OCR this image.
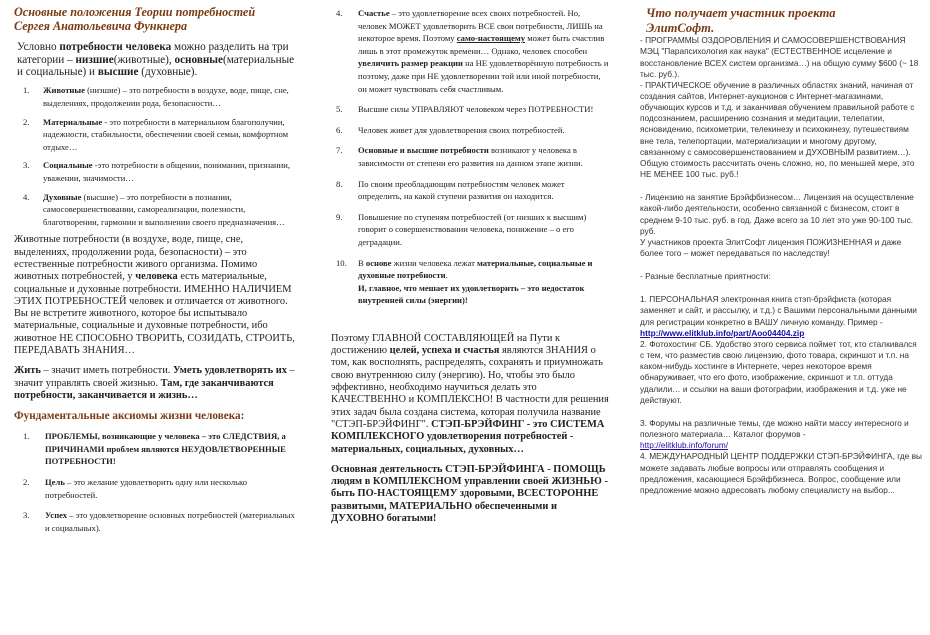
Основные положения Теории потребностей Сергея Анатольевича Функнера

Условно потребности человека можно разделить на три категории – низшие(животные), основные(материальные и социальные) и высшие (духовные).

1.	Животные (низшие) – это потребности в воздухе, воде, пище, сне, выделениях, продолжении рода, безопасности…
2.	Материальные - это потребности в материальном благополучии, надежности, стабильности, обеспечении своей семьи, комфортном отдыхе…
3.	Социальные -это потребности в общении, понимании, признании, уважении, значимости…
4.	Духовные (высшие) – это потребности в познании, самосовершенствовании, самореализации, полезности, благотворении, гармонии и выполнении своего предназначения…

Животные потребности (в воздухе, воде, пище, сне, выделениях, продолжении рода, безопасности) – это естественные потребности живого организма. Помимо животных потребностей, у человека есть материальные, социальные и духовные потребности. ИМЕННО НАЛИЧИЕМ ЭТИХ ПОТРЕБНОСТЕЙ человек и отличается от животного. Вы не встретите животного, которое бы испытывало материальные, социальные и духовные потребности, ибо животное НЕ СПОСОБНО ТВОРИТЬ, СОЗИДАТЬ, СТРОИТЬ, ПЕРЕДАВАТЬ ЗНАНИЯ…

Жить – значит иметь потребности. Уметь удовлетворять их – значит управлять своей жизнью. Там, где заканчиваются потребности, заканчивается и жизнь…

Фундаментальные аксиомы жизни человека:
1.	ПРОБЛЕМЫ, возникающие у человека – это СЛЕДСТВИЯ, а ПРИЧИНАМИ проблем являются НЕУДОВЛЕТВОРЕННЫЕ ПОТРЕБНОСТИ!
2.	Цель – это желание удовлетворить одну или несколько потребностей.
3.	Успех – это удовлетворение основных потребностей (материальных и социальных).
4.	Счастье – это удовлетворение всех своих потребностей. Но, человек МОЖЕТ удовлетворить ВСЕ свои потребности, ЛИШЬ на некоторое время. Поэтому само-настоящему может быть счастлив лишь в этот промежуток времени… Однако, человек способен увеличить размер реакции на НЕ удовлетворённую потребность и поэтому, даже при НЕ удовлетворении той или иной потребности, он может чувствовать себя счастливым.
5.	Высшие силы УПРАВЛЯЮТ человеком через ПОТРЕБНОСТИ!
6.	Человек живет для удовлетворения своих потребностей.
7.	Основные и высшие потребности возникают у человека в зависимости от степени его развития на данном этапе жизни.
8.	По своим преобладающим потребностям человек может определить, на какой ступени развития он находится.
9.	Повышение по ступеням потребностей (от низших к высшим) говорит о совершенствовании человека, понижение – о его деградации.
10.	В основе жизни человека лежат материальные, социальные и духовные потребности.
И, главное, что мешает их удовлетворить – это недостаток внутренней силы (энергии)!

Поэтому ГЛАВНОЙ СОСТАВЛЯЮЩЕЙ на Пути к достижению целей, успеха и счастья являются ЗНАНИЯ о том, как восполнять, распределять, сохранять и приумножать свою внутреннюю силу (энергию). Но, чтобы это было эффективно, необходимо научиться делать это КАЧЕСТВЕННО и КОМПЛЕКСНО! В частности для решения этих задач была создана система, которая получила название "СТЭП-БРЭЙФИНГ". СТЭП-БРЭЙФИНГ - это СИСТЕМА КОМПЛЕКСНОГО удовлетворения потребностей - материальных, социальных, духовных…

Основная деятельность СТЭП-БРЭЙФИНГА - ПОМОЩЬ людям в КОМПЛЕКСНОМ управлении своей ЖИЗНЬЮ - быть ПО-НАСТОЯЩЕМУ здоровыми, ВСЕСТОРОННЕ развитыми, МАТЕРИАЛЬНО обеспеченными и ДУХОВНО богатыми!

Что получает участник проекта ЭлитСофт.

- ПРОГРАММЫ ОЗДОРОВЛЕНИЯ И САМОСОВЕРШЕНСТВОВАНИЯ МЭЦ "Парапсихология как наука" (ЕСТЕСТВЕННОЕ исцеление и восстановление ВСЕХ систем организма…) на общую сумму $600 (~ 18 тыс. руб.).

- ПРАКТИЧЕСКОЕ обучение в различных областях знаний, начиная от создания сайтов, Интернет-аукционов с Интернет-магазинами, обучающих курсов и т.д. и заканчивая обучением правильной работе с подсознанием, расширению сознания и медитации, телепатии, ясновидению, психометрии, телекинезу и психокинезу, путешествиям вне тела, телепортации, материализации и многому другому, связанному с самосовершенствованием и ДУХОВНЫМ развитием…).

Общую стоимость рассчитать очень сложно, но, по меньшей мере, это НЕ МЕНЕЕ 100 тыс. руб.!

- Лицензию на занятие Брэйфбизнесом… Лицензия на осуществление какой-либо деятельности, особенно связанной с бизнесом, стоит в среднем 9-10 тыс. руб. в год. Даже всего за 10 лет это уже 90-100 тыс. руб.

У участников проекта ЭлитСофт лицензия ПОЖИЗНЕННАЯ и даже более того – может передаваться по наследству!

- Разные бесплатные приятности:

1. ПЕРСОНАЛЬНАЯ электронная книга стэп-брэйфиста (которая заменяет и сайт, и рассылку, и т.д.) с Вашими персональными данными для регистрации конкретно в ВАШУ личную команду. Пример - http://www.elitklub.info/part/Aoo04404.zip

2. Фотохостинг СБ. Удобство этого сервиса поймет тот, кто сталкивался с тем, что разместив свою лицензию, фото товара, скриншот и т.п. на каком-нибудь хостинге в Интернете, через некоторое время обнаруживает, что его фото, изображение, скриншот и т.п. оттуда удалили… и ссылки на ваши фотографии, изображения и т.д. уже не действуют.

3. Форумы на различные темы, где можно найти массу интересного и полезного материала… Каталог форумов -

http://elitklub.info/forum/

4. МЕЖДУНАРОДНЫЙ ЦЕНТР ПОДДЕРЖКИ СТЭП-БРЭЙФИНГА, где вы можете задавать любые вопросы или отправлять сообщения и предложения, касающиеся Брэйфбизнеса. Вопрос, сообщение или предложение можно адресовать любому специалисту на выбор...
